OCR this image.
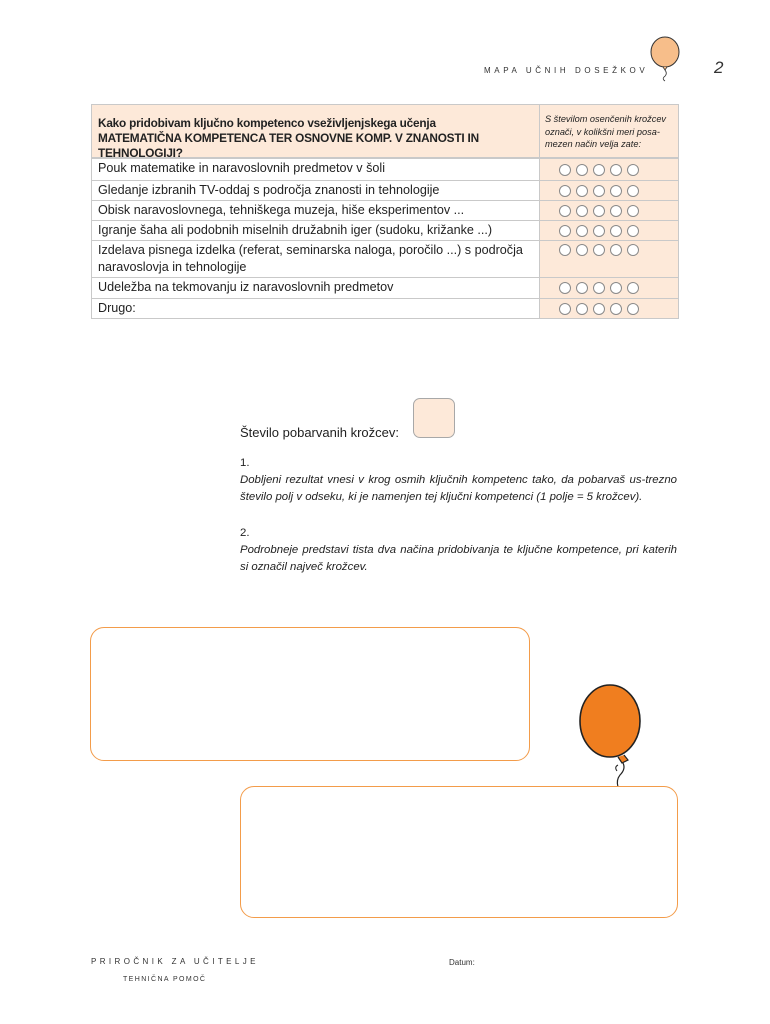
MAPA UČNIH DOSEŽKOV	2
Kako pridobivam ključno kompetenco vseživljenjskega učenja
MATEMATIČNA KOMPETENCA TER OSNOVNE KOMP. V ZNANOSTI IN TEHNOLOGIJI?
S številom osenčenih krožcev označi, v kolikšni meri posa-mezen način velja zate:
Pouk matematike in naravoslovnih predmetov v šoli
Gledanje izbranih TV-oddaj s področja znanosti in tehnologije
Obisk naravoslovnega, tehniškega muzeja, hiše eksperimentov ...
Igranje šaha ali podobnih miselnih družabnih iger (sudoku, križanke ...)
Izdelava pisnega izdelka (referat, seminarska naloga, poročilo ...) s področja naravoslovja in tehnologije
Udeležba na tekmovanju iz naravoslovnih predmetov
Drugo:
Število pobarvanih krožcev:
1.

Dobljeni rezultat vnesi v krog osmih ključnih kompetenc tako, da pobarvaš us-trezno število polj v odseku, ki je namenjen tej ključni kompetenci (1 polje = 5 krožcev).

2.

Podrobneje predstavi tista dva načina pridobivanja te ključne kompetence, pri katerih si označil največ krožcev.

PRIROČNIK ZA UČITELJE
TEHNIČNA POMOČ
Datum:
